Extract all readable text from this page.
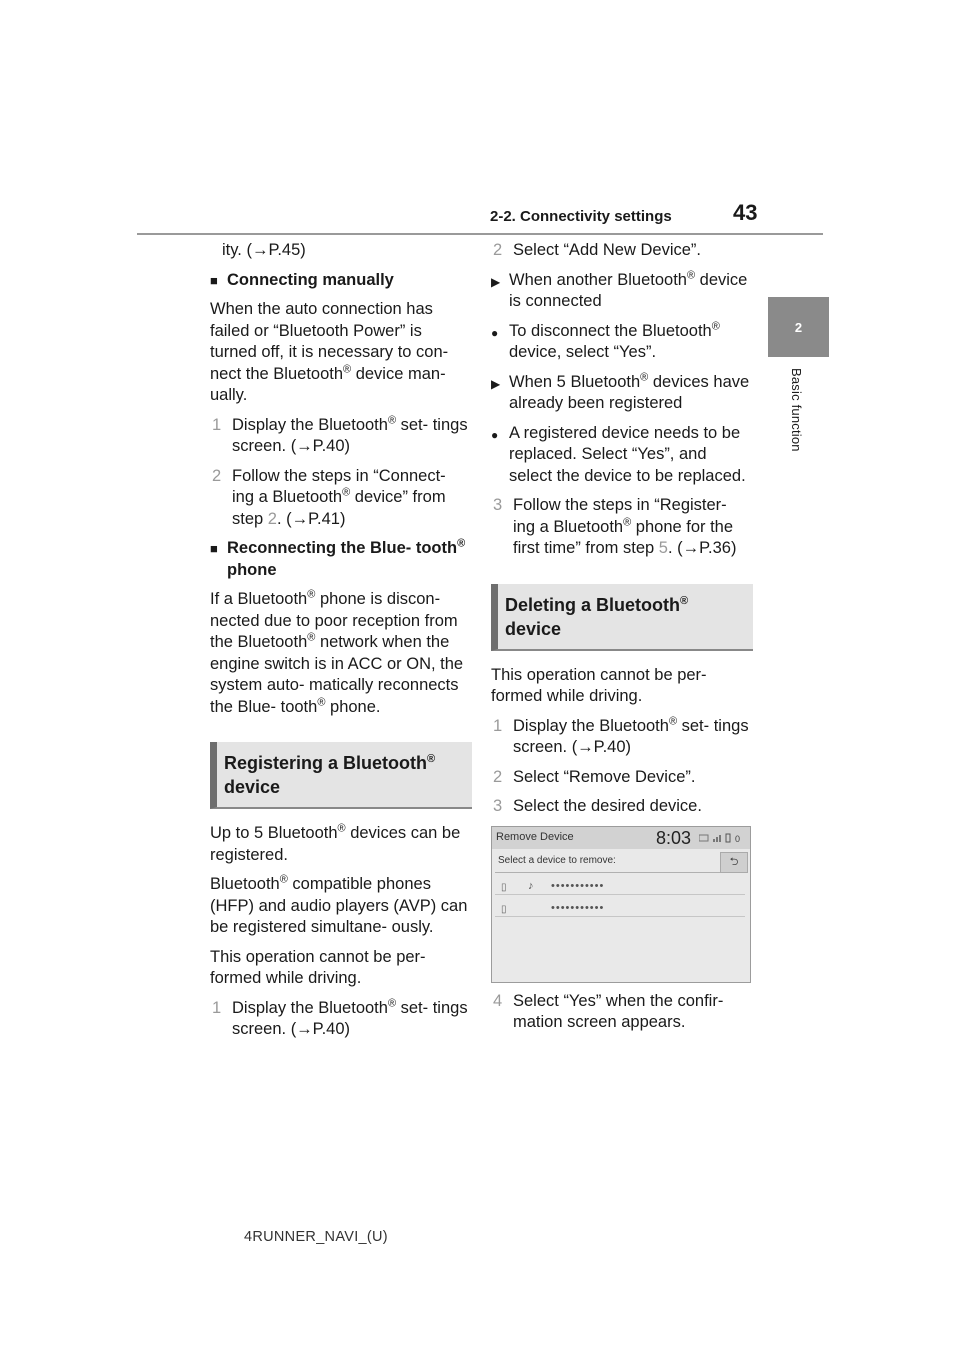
2-2. Connectivity settings	43
2
Basic function

ity. (→P.45)

■ Connecting manually

When the auto connection has failed or “Bluetooth Power” is turned off, it is necessary to con- nect the Bluetooth® device man- ually.

1 Display the Bluetooth® set- tings screen. (→P.40)
2 Follow the steps in “Connect- ing a Bluetooth® device” from step 2. (→P.41)
■ Reconnecting the Blue- tooth® phone

If a Bluetooth® phone is discon- nected due to poor reception from the Bluetooth® network when the engine switch is in ACC or ON, the system auto- matically reconnects the Blue- tooth® phone.

Registering a Bluetooth®
device

Up to 5 Bluetooth® devices can be registered.

Bluetooth® compatible phones (HFP) and audio players (AVP) can be registered simultane- ously.

This operation cannot be per- formed while driving.

1 Display the Bluetooth® set- tings screen. (→P.40)
2 Select “Add New Device”.
▶ When another Bluetooth® device is connected
● To disconnect the Bluetooth® device, select “Yes”.
▶ When 5 Bluetooth® devices have already been registered
● A registered device needs to be replaced. Select “Yes”, and select the device to be replaced.
3 Follow the steps in “Register- ing a Bluetooth® phone for the first time” from step 5. (→P.36)
Deleting a Bluetooth®
device

This operation cannot be per- formed while driving.

1 Display the Bluetooth® set- tings screen. (→P.40)
2 Select “Remove Device”.
3 Select the desired device.
Remove Device	8:03	0
Select a device to remove:	⮌
▯ ♪ •••••••••••
▯	•••••••••••
4 Select “Yes” when the confir- mation screen appears.
4RUNNER_NAVI_(U)
